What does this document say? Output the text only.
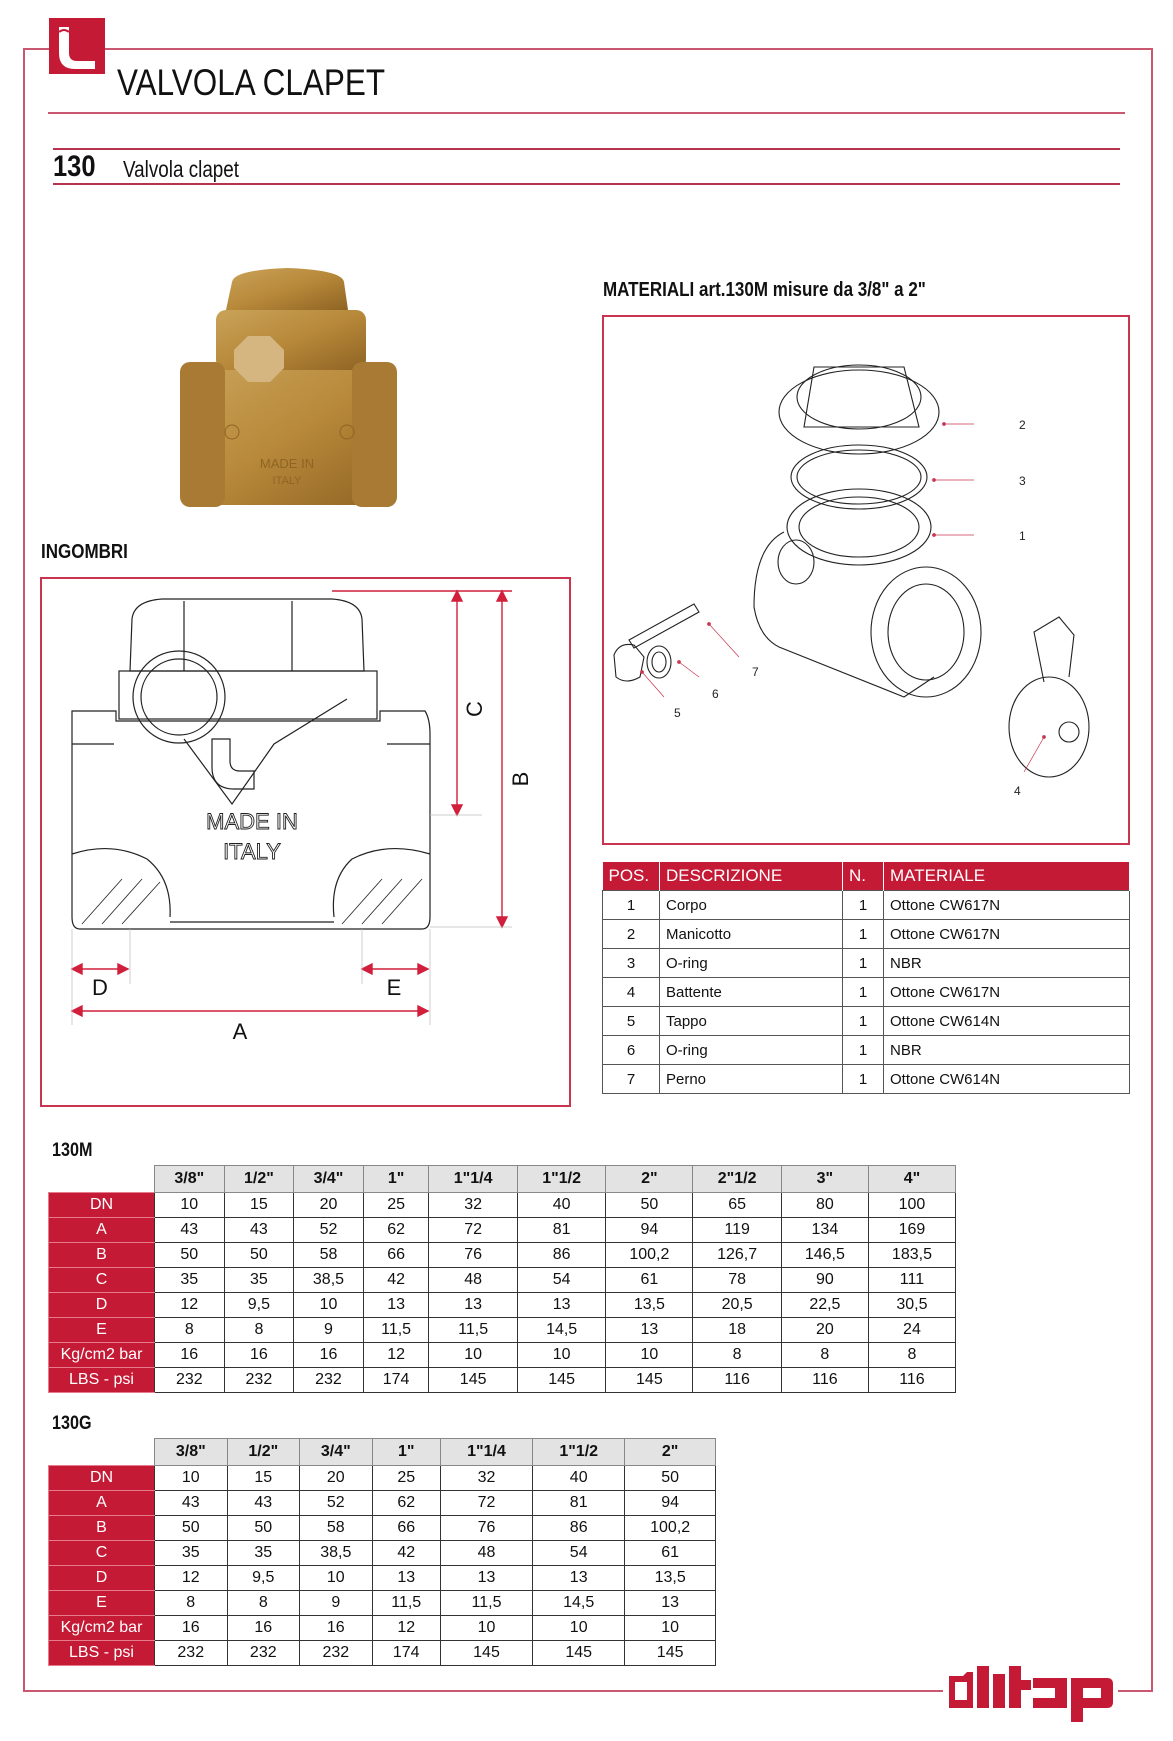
VALVOLA CLAPET
130 Valvola clapet
MADE IN
ITALY
INGOMBRI
MADE IN
ITALY
D	E
A
C
B
MATERIALI art.130M misure da 3/8" a 2"
2
3
1
4
5
6
7
POS.	DESCRIZIONE	N.	MATERIALE
1	Corpo	1	Ottone CW617N
2	Manicotto	1	Ottone CW617N
3	O-ring	1	NBR
4	Battente	1	Ottone CW617N
5	Tappo	1	Ottone CW614N
6	O-ring	1	NBR
7	Perno	1	Ottone CW614N
130M
	3/8"	1/2"	3/4"	1"	1"1/4	1"1/2	2"	2"1/2	3"	4"
DN	10	15	20	25	32	40	50	65	80	100
A	43	43	52	62	72	81	94	119	134	169
B	50	50	58	66	76	86	100,2	126,7	146,5	183,5
C	35	35	38,5	42	48	54	61	78	90	111
D	12	9,5	10	13	13	13	13,5	20,5	22,5	30,5
E	8	8	9	11,5	11,5	14,5	13	18	20	24
Kg/cm2 bar	16	16	16	12	10	10	10	8	8	8
LBS - psi	232	232	232	174	145	145	145	116	116	116
130G
	3/8"	1/2"	3/4"	1"	1"1/4	1"1/2	2"
DN	10	15	20	25	32	40	50
A	43	43	52	62	72	81	94
B	50	50	58	66	76	86	100,2
C	35	35	38,5	42	48	54	61
D	12	9,5	10	13	13	13	13,5
E	8	8	9	11,5	11,5	14,5	13
Kg/cm2 bar	16	16	16	12	10	10	10
LBS - psi	232	232	232	174	145	145	145
